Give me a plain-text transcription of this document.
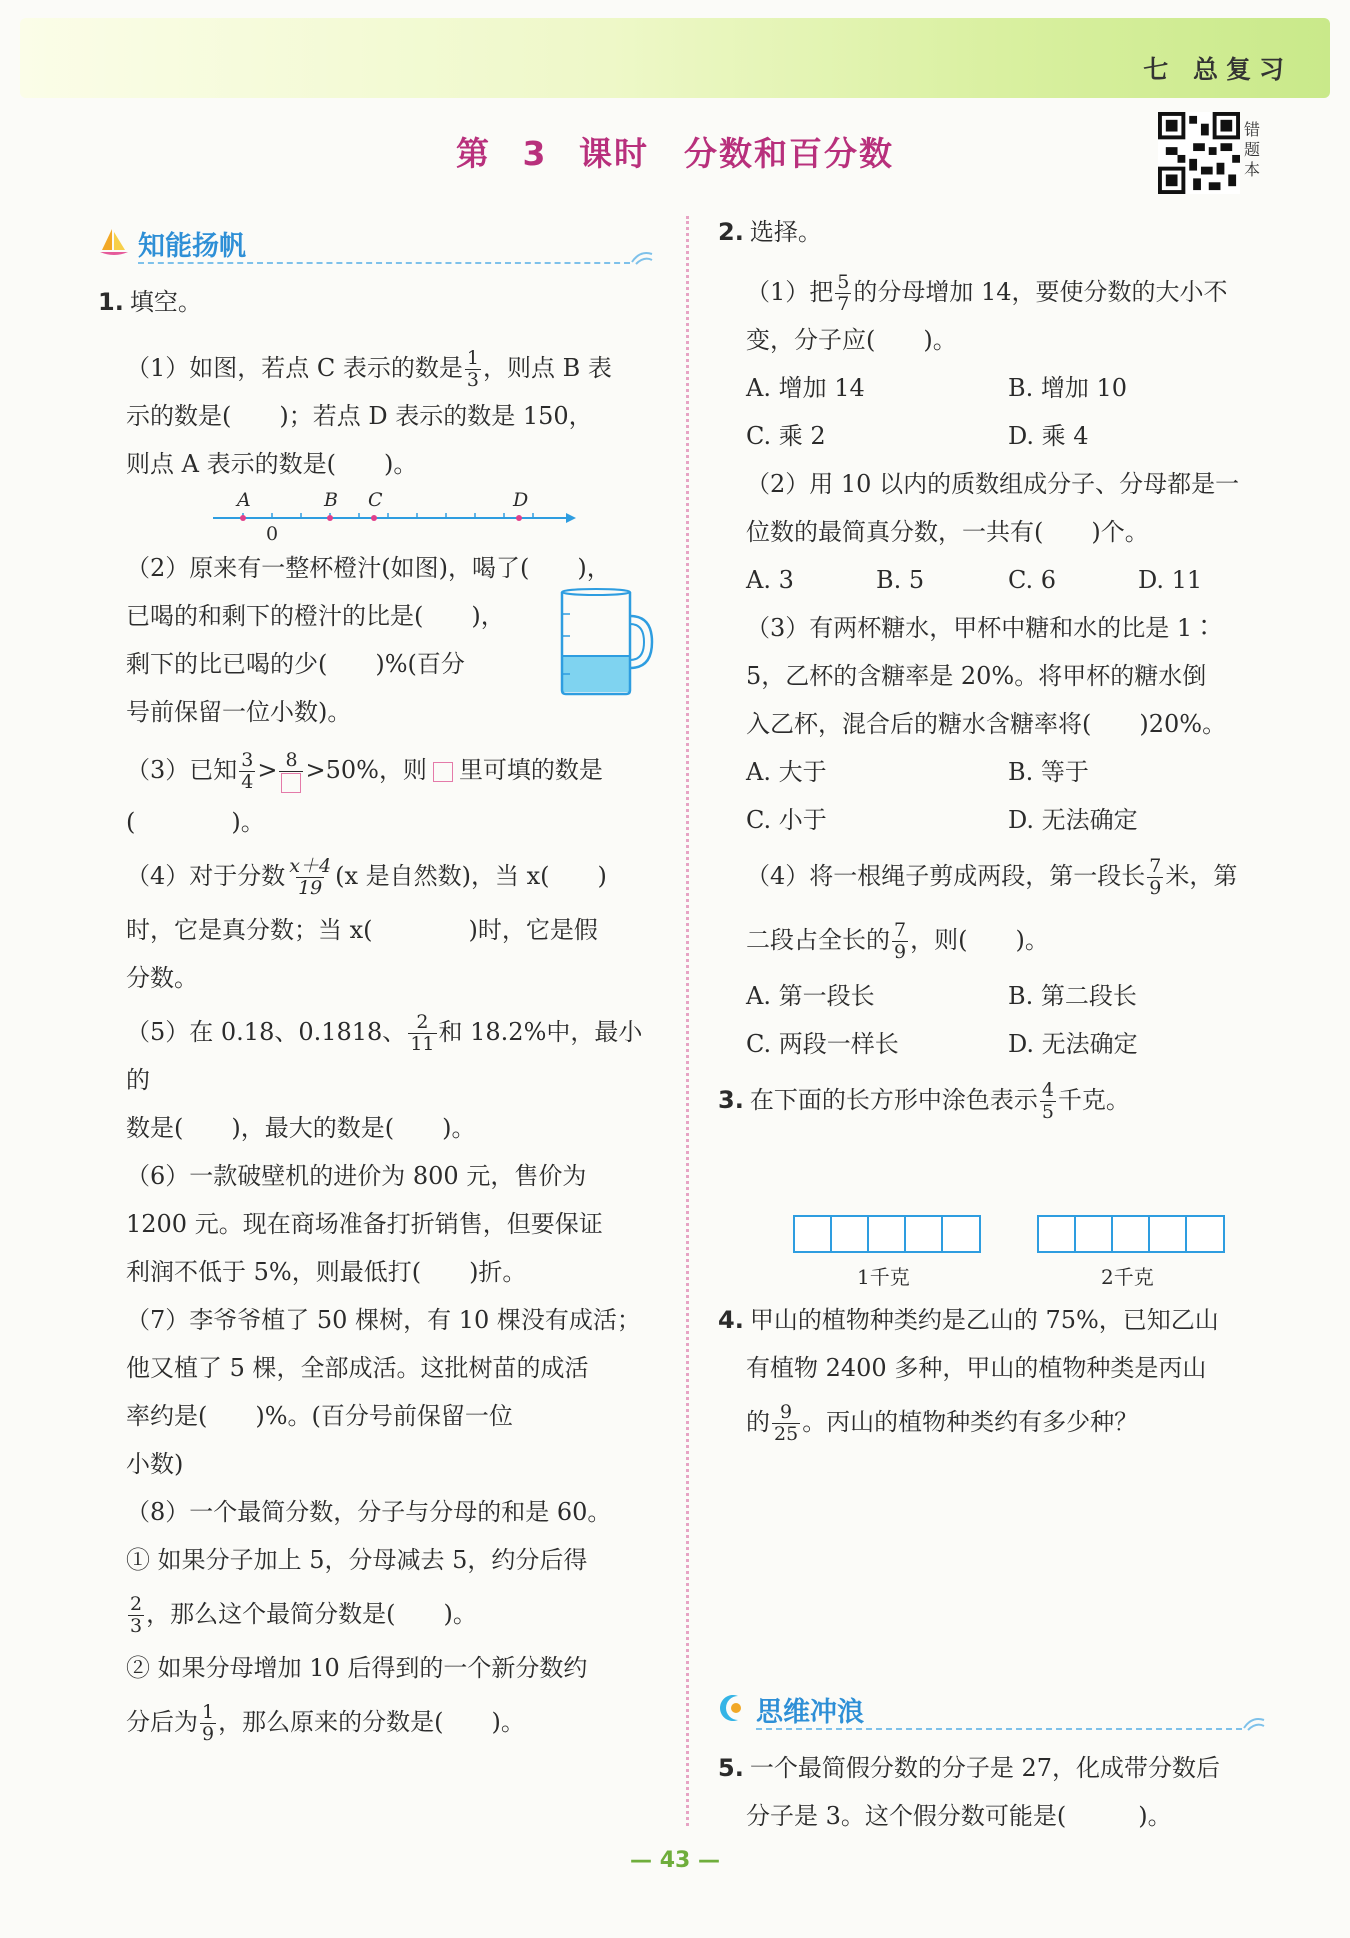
七 总复习
第 3 课时　分数和百分数
错题本
知能扬帆

1. 填空。

（1）如图，若点 C 表示的数是 $\frac{1}{3}$ ，则点 B 表

示的数是(　　)；若点 D 表示的数是 150，

则点 A 表示的数是(　　)。

A	B C	D
0

（2）原来有一整杯橙汁(如图)，喝了(　　)，

已喝的和剩下的橙汁的比是(　　)，

剩下的比已喝的少(　　)%(百分

号前保留一位小数)。

（3）已知 $\frac{3}{4} > 8 >50\%$，则 里可填的数是

(　　　　)。

（4）对于分数 $\frac{x+4}{19} (x$ 是自然数)，当 x(　　)

时，它是真分数；当 x(　　　　)时，它是假

分数。

（5）在 0.18、0.1818、 $\frac{2}{11}$ 和 18.2%中，最小的

数是(　　)，最大的数是(　　)。

（6）一款破壁机的进价为 800 元，售价为

1200 元。现在商场准备打折销售，但要保证

利润不低于 5%，则最低打(　　)折。

（7）李爷爷植了 50 棵树，有 10 棵没有成活；

他又植了 5 棵，全部成活。这批树苗的成活

率约是(　　)%。(百分号前保留一位

小数)

（8）一个最简分数，分子与分母的和是 60。

① 如果分子加上 5，分母减去 5，约分后得

$\frac{2}{3}$ ，那么这个最简分数是(　　)。

② 如果分母增加 10 后得到的一个新分数约

分后为 $\frac{1}{9}$ ，那么原来的分数是(　　)。

2. 选择。

（1）把 $\frac{5}{7}$ 的分母增加 14，要使分数的大小不

变，分子应(　　)。

A. 增加 14	B. 增加 10
C. 乘 2	D. 乘 4

（2）用 10 以内的质数组成分子、分母都是一

位数的最简真分数，一共有(　　)个。

A. 3	B. 5	C. 6	D. 11

（3）有两杯糖水，甲杯中糖和水的比是 1∶

5，乙杯的含糖率是 20%。将甲杯的糖水倒

入乙杯，混合后的糖水含糖率将(　　)20%。

A. 大于	B. 等于
C. 小于	D. 无法确定

（4）将一根绳子剪成两段，第一段长 $\frac{7}{9}$ 米，第

二段占全长的 $\frac{7}{9}$ ，则(　　)。

A. 第一段长	B. 第二段长
C. 两段一样长	D. 无法确定

3. 在下面的长方形中涂色表示 $\frac{4}{5}$ 千克。

1千克	2千克

4. 甲山的植物种类约是乙山的 75%，已知乙山

有植物 2400 多种，甲山的植物种类是丙山

的 $\frac{9}{25}$ 。丙山的植物种类约有多少种？

思维冲浪

5. 一个最简假分数的分子是 27，化成带分数后

分子是 3。这个假分数可能是(　　　)。

— 43 —
